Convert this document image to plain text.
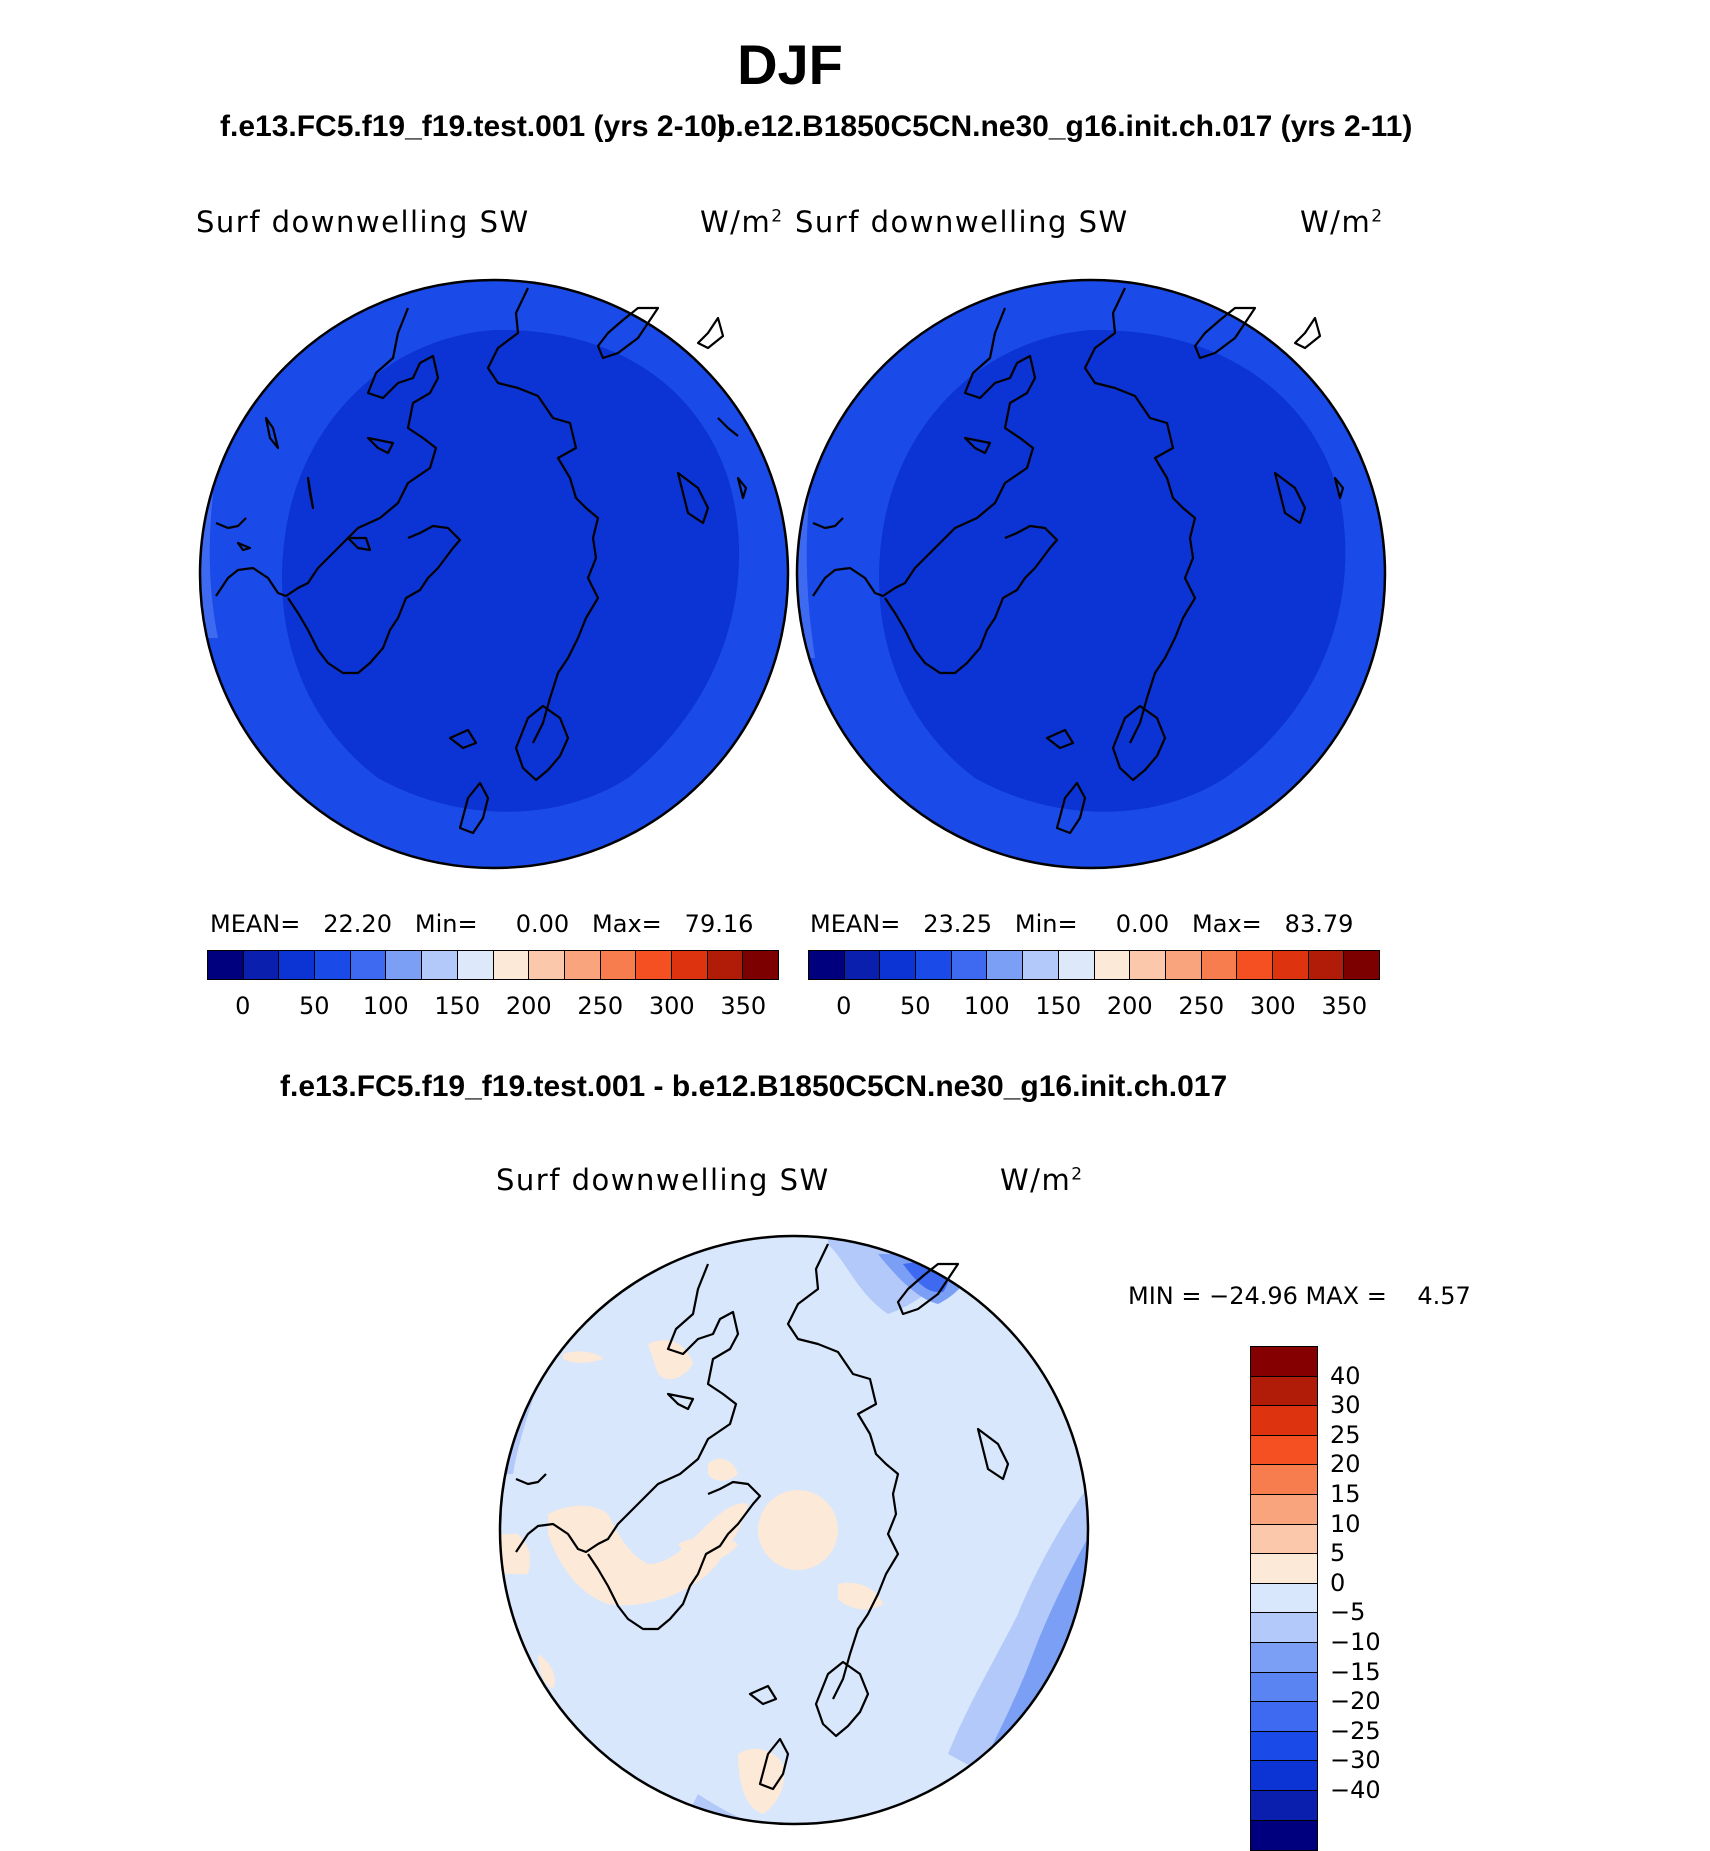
DJF
f.e13.FC5.f19_f19.test.001 (yrs 2-10)
b.e12.B1850C5CN.ne30_g16.init.ch.017 (yrs 2-11)
Surf downwelling SW	$W/m^2$ Surf downwelling SW	$W/m^2$
MEAN= 22.20 Min= 0.00 Max= 79.16 MEAN= 23.25 Min= 0.00 Max= 83.79
0 50 100 150 200 250 300 350	0 50 100 150 200 250 300 350
f.e13.FC5.f19_f19.test.001 - b.e12.B1850C5CN.ne30_g16.init.ch.017
Surf downwelling SW	$W/m^2$
MIN = −24.96 MAX =    4.57
40
30
25
20
15
10
5
0
−5
−10
−15
−20
−25
−30
−40
